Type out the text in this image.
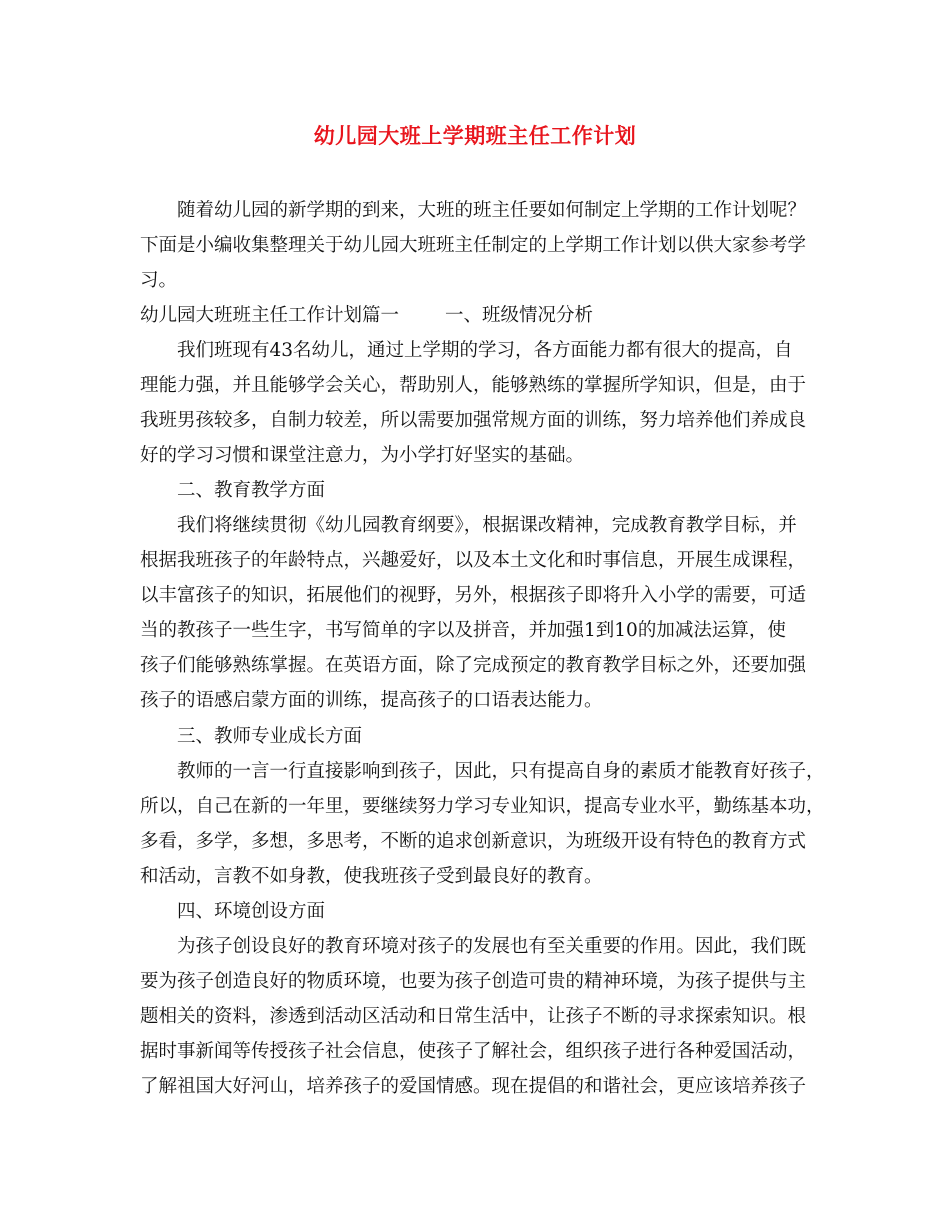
幼儿园大班上学期班主任工作计划
随着幼儿园的新学期的到来，大班的班主任要如何制定上学期的工作计划呢？
下面是小编收集整理关于幼儿园大班班主任制定的上学期工作计划以供大家参考学
习。
幼儿园大班班主任工作计划篇一 一、班级情况分析
我们班现有43名幼儿，通过上学期的学习，各方面能力都有很大的提高，自
理能力强，并且能够学会关心，帮助别人，能够熟练的掌握所学知识，但是，由于
我班男孩较多，自制力较差，所以需要加强常规方面的训练，努力培养他们养成良
好的学习习惯和课堂注意力，为小学打好坚实的基础。
二、教育教学方面
我们将继续贯彻《幼儿园教育纲要》，根据课改精神，完成教育教学目标，并
根据我班孩子的年龄特点，兴趣爱好，以及本土文化和时事信息，开展生成课程，
以丰富孩子的知识，拓展他们的视野，另外，根据孩子即将升入小学的需要，可适
当的教孩子一些生字，书写简单的字以及拼音，并加强1到10的加减法运算，使
孩子们能够熟练掌握。在英语方面，除了完成预定的教育教学目标之外，还要加强
孩子的语感启蒙方面的训练，提高孩子的口语表达能力。
三、教师专业成长方面
教师的一言一行直接影响到孩子，因此，只有提高自身的素质才能教育好孩子，
所以，自己在新的一年里，要继续努力学习专业知识，提高专业水平，勤练基本功，
多看，多学，多想，多思考，不断的追求创新意识，为班级开设有特色的教育方式
和活动，言教不如身教，使我班孩子受到最良好的教育。
四、环境创设方面
为孩子创设良好的教育环境对孩子的发展也有至关重要的作用。因此，我们既
要为孩子创造良好的物质环境，也要为孩子创造可贵的精神环境，为孩子提供与主
题相关的资料，渗透到活动区活动和日常生活中，让孩子不断的寻求探索知识。根
据时事新闻等传授孩子社会信息，使孩子了解社会，组织孩子进行各种爱国活动，
了解祖国大好河山，培养孩子的爱国情感。现在提倡的和谐社会，更应该培养孩子
